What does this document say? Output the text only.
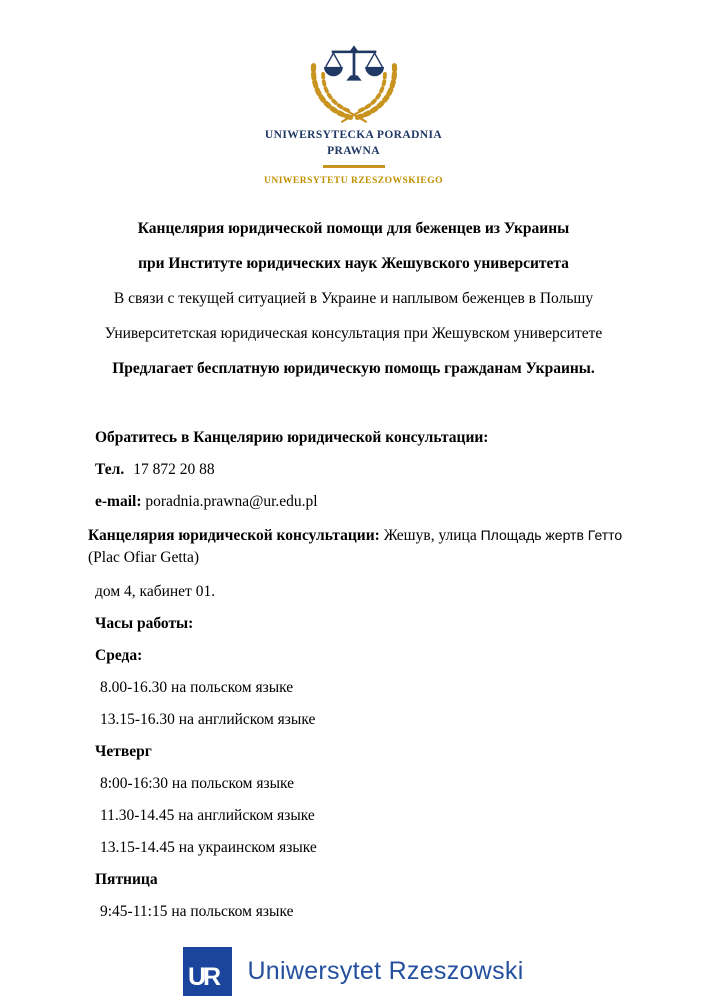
UNIWERSYTECKA PORADNIA
PRAWNA
UNIWERSYTETU RZESZOWSKIEGO

Канцелярия юридической помощи для беженцев из Украины

при Институте юридических наук Жешувского университета

В связи с текущей ситуацией в Украине и наплывом беженцев в Польшу

Университетская юридическая консультация при Жешувском университете

Предлагает бесплатную юридическую помощь гражданам Украины.

Обратитесь в Канцелярию юридической консультации:

Тел. 17 872 20 88

e-mail: poradnia.prawna@ur.edu.pl

Канцелярия юридической консультации: Жешув, улица Площадь жертв Гетто (Plac Ofiar Getta)

дом 4, кабинет 01.

Часы работы:

Среда:

8.00-16.30 на польском языке

13.15-16.30 на английском языке

Четверг

8:00-16:30 на польском языке

11.30-14.45 на английском языке

13.15-14.45 на украинском языке

Пятница

9:45-11:15 на польском языке

UR Uniwersytet Rzeszowski
